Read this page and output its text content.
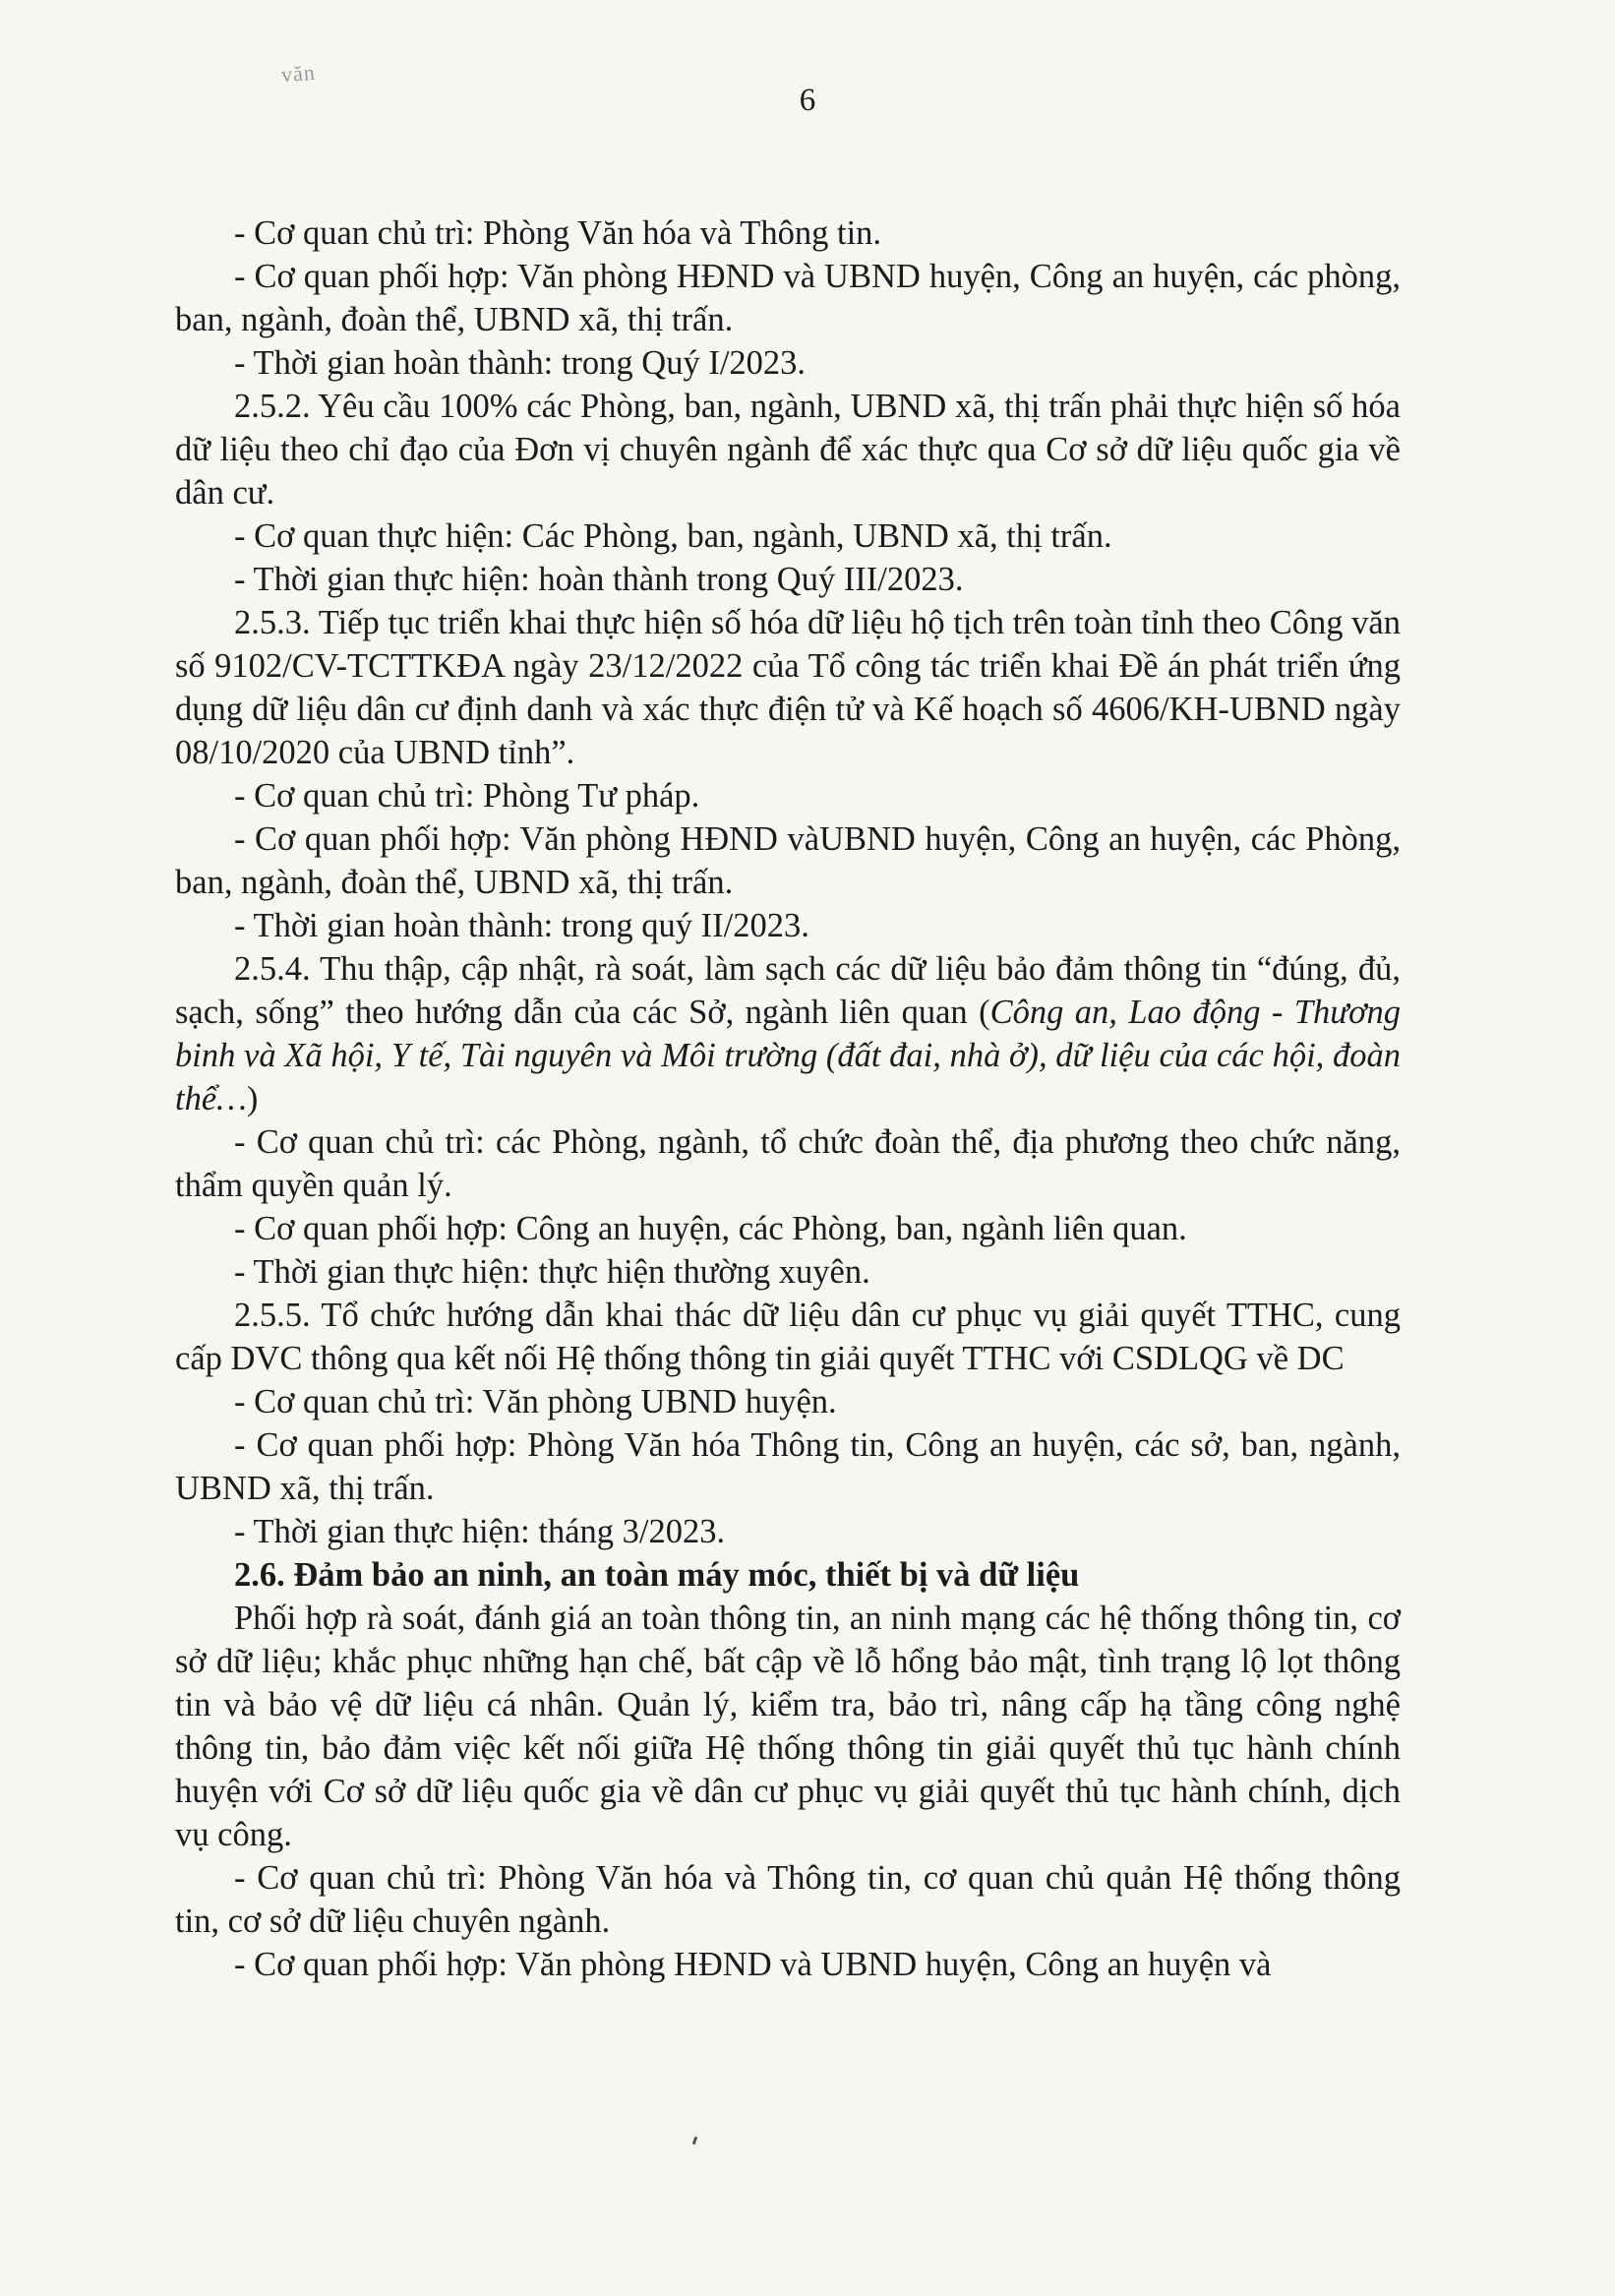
văn
6

- Cơ quan chủ trì: Phòng Văn hóa và Thông tin.

- Cơ quan phối hợp: Văn phòng HĐND và UBND huyện, Công an huyện, các phòng, ban, ngành, đoàn thể, UBND xã, thị trấn.

- Thời gian hoàn thành: trong Quý I/2023.

2.5.2. Yêu cầu 100% các Phòng, ban, ngành, UBND xã, thị trấn phải thực hiện số hóa dữ liệu theo chỉ đạo của Đơn vị chuyên ngành để xác thực qua Cơ sở dữ liệu quốc gia về dân cư.

- Cơ quan thực hiện: Các Phòng, ban, ngành, UBND xã, thị trấn.

- Thời gian thực hiện: hoàn thành trong Quý III/2023.

2.5.3. Tiếp tục triển khai thực hiện số hóa dữ liệu hộ tịch trên toàn tỉnh theo Công văn số 9102/CV-TCTTKĐA ngày 23/12/2022 của Tổ công tác triển khai Đề án phát triển ứng dụng dữ liệu dân cư định danh và xác thực điện tử và Kế hoạch số 4606/KH-UBND ngày 08/10/2020 của UBND tỉnh”.

- Cơ quan chủ trì: Phòng Tư pháp.

- Cơ quan phối hợp: Văn phòng HĐND vàUBND huyện, Công an huyện, các Phòng, ban, ngành, đoàn thể, UBND xã, thị trấn.

- Thời gian hoàn thành: trong quý II/2023.

2.5.4. Thu thập, cập nhật, rà soát, làm sạch các dữ liệu bảo đảm thông tin “đúng, đủ, sạch, sống” theo hướng dẫn của các Sở, ngành liên quan (Công an, Lao động - Thương binh và Xã hội, Y tế, Tài nguyên và Môi trường (đất đai, nhà ở), dữ liệu của các hội, đoàn thể…)

- Cơ quan chủ trì: các Phòng, ngành, tổ chức đoàn thể, địa phương theo chức năng, thẩm quyền quản lý.

- Cơ quan phối hợp: Công an huyện, các Phòng, ban, ngành liên quan.

- Thời gian thực hiện: thực hiện thường xuyên.

2.5.5. Tổ chức hướng dẫn khai thác dữ liệu dân cư phục vụ giải quyết TTHC, cung cấp DVC thông qua kết nối Hệ thống thông tin giải quyết TTHC với CSDLQG về DC

- Cơ quan chủ trì: Văn phòng UBND huyện.

- Cơ quan phối hợp: Phòng Văn hóa Thông tin, Công an huyện, các sở, ban, ngành, UBND xã, thị trấn.

- Thời gian thực hiện: tháng 3/2023.

2.6. Đảm bảo an ninh, an toàn máy móc, thiết bị và dữ liệu

Phối hợp rà soát, đánh giá an toàn thông tin, an ninh mạng các hệ thống thông tin, cơ sở dữ liệu; khắc phục những hạn chế, bất cập về lỗ hổng bảo mật, tình trạng lộ lọt thông tin và bảo vệ dữ liệu cá nhân. Quản lý, kiểm tra, bảo trì, nâng cấp hạ tầng công nghệ thông tin, bảo đảm việc kết nối giữa Hệ thống thông tin giải quyết thủ tục hành chính huyện với Cơ sở dữ liệu quốc gia về dân cư phục vụ giải quyết thủ tục hành chính, dịch vụ công.

- Cơ quan chủ trì: Phòng Văn hóa và Thông tin, cơ quan chủ quản Hệ thống thông tin, cơ sở dữ liệu chuyên ngành.

- Cơ quan phối hợp: Văn phòng HĐND và UBND huyện, Công an huyện và
